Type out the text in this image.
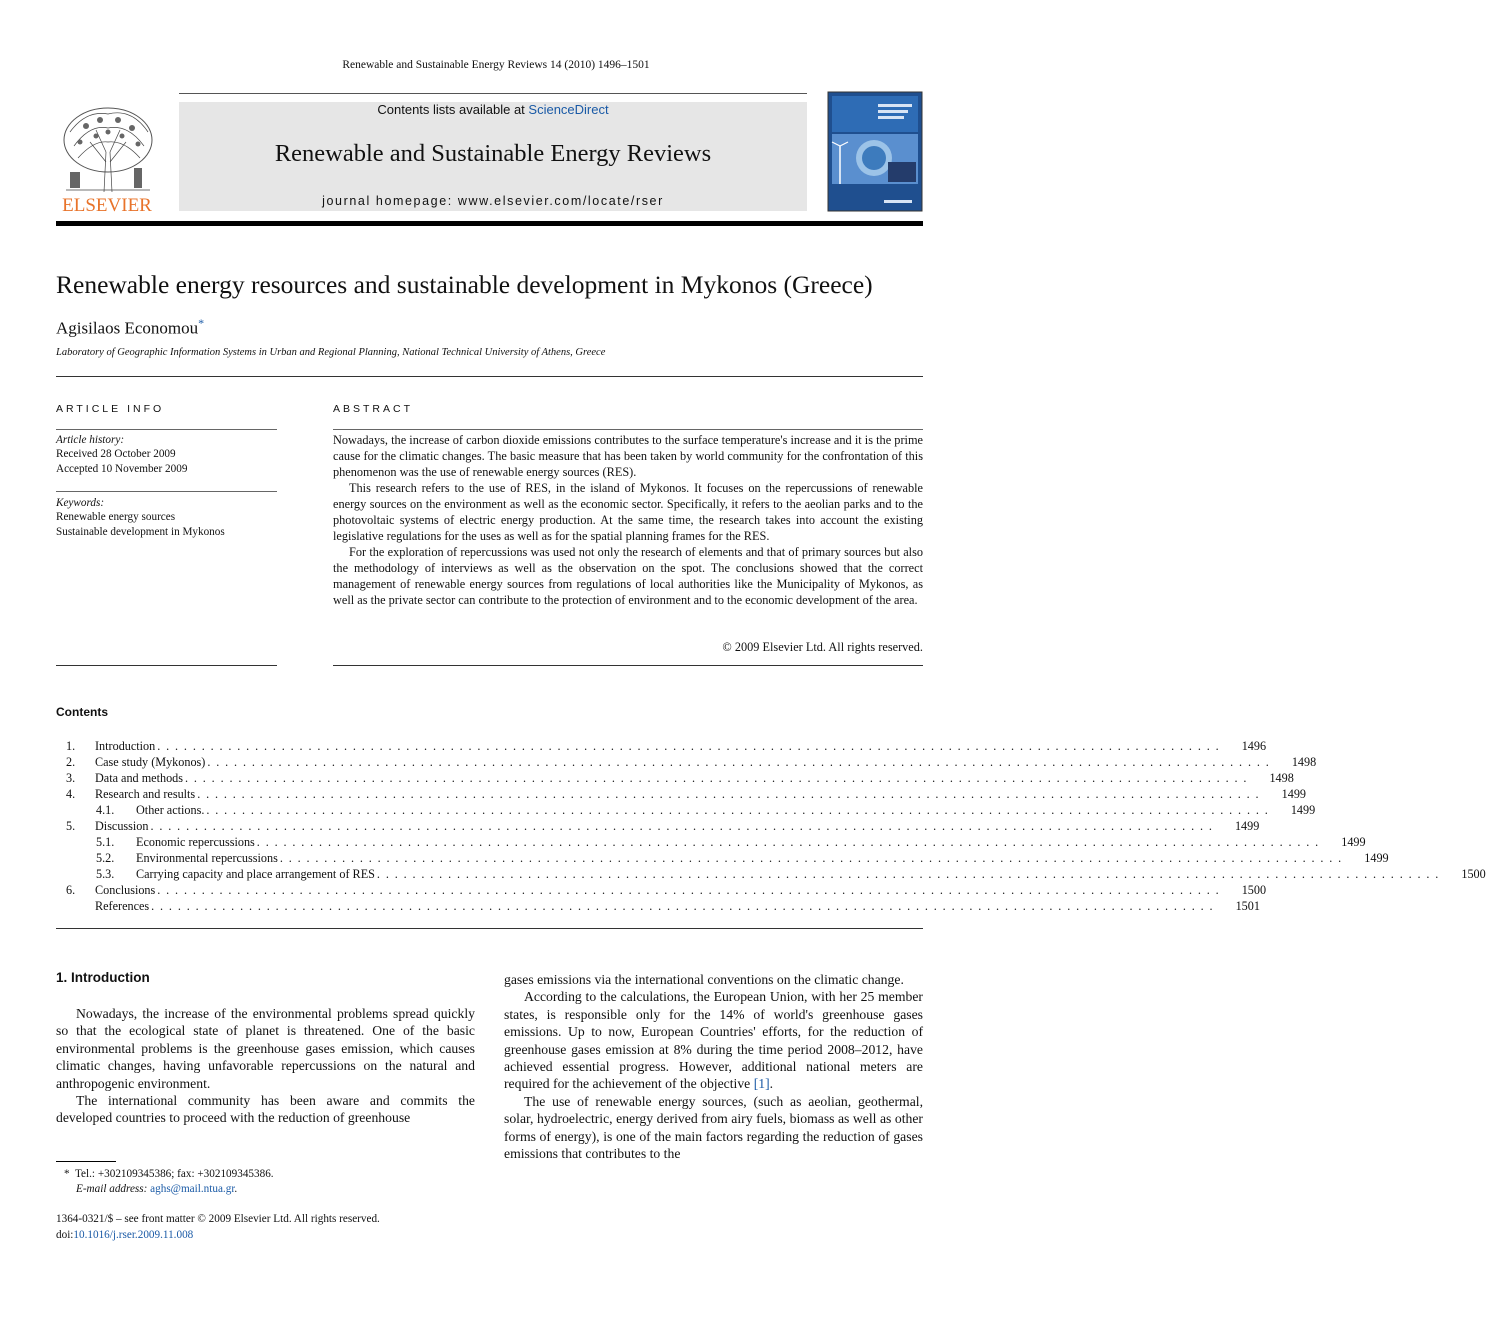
Renewable and Sustainable Energy Reviews 14 (2010) 1496–1501
ELSEVIER
Contents lists available at ScienceDirect
Renewable and Sustainable Energy Reviews
journal homepage: www.elsevier.com/locate/rser
Renewable energy resources and sustainable development in Mykonos (Greece)
Agisilaos Economou*
Laboratory of Geographic Information Systems in Urban and Regional Planning, National Technical University of Athens, Greece
ARTICLE INFO
Article history:
Received 28 October 2009
Accepted 10 November 2009
Keywords:
Renewable energy sources
Sustainable development in Mykonos
ABSTRACT

Nowadays, the increase of carbon dioxide emissions contributes to the surface temperature's increase and it is the prime cause for the climatic changes. The basic measure that has been taken by world community for the confrontation of this phenomenon was the use of renewable energy sources (RES).

This research refers to the use of RES, in the island of Mykonos. It focuses on the repercussions of renewable energy sources on the environment as well as the economic sector. Specifically, it refers to the aeolian parks and to the photovoltaic systems of electric energy production. At the same time, the research takes into account the existing legislative regulations for the uses as well as for the spatial planning frames for the RES.

For the exploration of repercussions was used not only the research of elements and that of primary sources but also the methodology of interviews as well as the observation on the spot. The conclusions showed that the correct management of renewable energy sources from regulations of local authorities like the Municipality of Mykonos, as well as the private sector can contribute to the protection of environment and to the economic development of the area.

© 2009 Elsevier Ltd. All rights reserved.
Contents
1.	Introduction . . . . . . . . . . . . . . . . . . . . . . . . . . . . . . . . . . . . . . . . . . . . . . . . . . . . . . . . . . . . . . . . . . . . . . . . . . . . . . . . . . . . . . . . . . . . . . . . . . . . . . . . . . . . . . . . . . . . . . . .	1496
2.	Case study (Mykonos) . . . . . . . . . . . . . . . . . . . . . . . . . . . . . . . . . . . . . . . . . . . . . . . . . . . . . . . . . . . . . . . . . . . . . . . . . . . . . . . . . . . . . . . . . . . . . . . . . . . . . . . . . . . . . . . . . . . . . . . .	1498
3.	Data and methods . . . . . . . . . . . . . . . . . . . . . . . . . . . . . . . . . . . . . . . . . . . . . . . . . . . . . . . . . . . . . . . . . . . . . . . . . . . . . . . . . . . . . . . . . . . . . . . . . . . . . . . . . . . . . . . . . . . . . . . .	1498
4.	Research and results . . . . . . . . . . . . . . . . . . . . . . . . . . . . . . . . . . . . . . . . . . . . . . . . . . . . . . . . . . . . . . . . . . . . . . . . . . . . . . . . . . . . . . . . . . . . . . . . . . . . . . . . . . . . . . . . . . . . . . . .	1499
4.1.	Other actions. . . . . . . . . . . . . . . . . . . . . . . . . . . . . . . . . . . . . . . . . . . . . . . . . . . . . . . . . . . . . . . . . . . . . . . . . . . . . . . . . . . . . . . . . . . . . . . . . . . . . . . . . . . . . . . . . . . . . . . . .	1499
5.	Discussion . . . . . . . . . . . . . . . . . . . . . . . . . . . . . . . . . . . . . . . . . . . . . . . . . . . . . . . . . . . . . . . . . . . . . . . . . . . . . . . . . . . . . . . . . . . . . . . . . . . . . . . . . . . . . . . . . . . . . . . .	1499
5.1.	Economic repercussions . . . . . . . . . . . . . . . . . . . . . . . . . . . . . . . . . . . . . . . . . . . . . . . . . . . . . . . . . . . . . . . . . . . . . . . . . . . . . . . . . . . . . . . . . . . . . . . . . . . . . . . . . . . . . . . . . . . . . . . .	1499
5.2.	Environmental repercussions . . . . . . . . . . . . . . . . . . . . . . . . . . . . . . . . . . . . . . . . . . . . . . . . . . . . . . . . . . . . . . . . . . . . . . . . . . . . . . . . . . . . . . . . . . . . . . . . . . . . . . . . . . . . . . . . . . . . . . . .	1499
5.3.	Carrying capacity and place arrangement of RES . . . . . . . . . . . . . . . . . . . . . . . . . . . . . . . . . . . . . . . . . . . . . . . . . . . . . . . . . . . . . . . . . . . . . . . . . . . . . . . . . . . . . . . . . . . . . . . . . . . . . . . . . . . . . . . . . . . . . . . .	1500
6.	Conclusions . . . . . . . . . . . . . . . . . . . . . . . . . . . . . . . . . . . . . . . . . . . . . . . . . . . . . . . . . . . . . . . . . . . . . . . . . . . . . . . . . . . . . . . . . . . . . . . . . . . . . . . . . . . . . . . . . . . . . . . .	1500
References . . . . . . . . . . . . . . . . . . . . . . . . . . . . . . . . . . . . . . . . . . . . . . . . . . . . . . . . . . . . . . . . . . . . . . . . . . . . . . . . . . . . . . . . . . . . . . . . . . . . . . . . . . . . . . . . . . . . . . . .	1501
1. Introduction

Nowadays, the increase of the environmental problems spread quickly so that the ecological state of planet is threatened. One of the basic environmental problems is the greenhouse gases emission, which causes climatic changes, having unfavorable repercussions on the natural and anthropogenic environment.

The international community has been aware and commits the developed countries to proceed with the reduction of greenhouse

gases emissions via the international conventions on the climatic change.

According to the calculations, the European Union, with her 25 member states, is responsible only for the 14% of world's greenhouse gases emissions. Up to now, European Countries' efforts, for the reduction of greenhouse gases emission at 8% during the time period 2008–2012, have achieved essential progress. However, additional national meters are required for the achievement of the objective [1].

The use of renewable energy sources, (such as aeolian, geothermal, solar, hydroelectric, energy derived from airy fuels, biomass as well as other forms of energy), is one of the main factors regarding the reduction of gases emissions that contributes to the

* Tel.: +302109345386; fax: +302109345386.
E-mail address: aghs@mail.ntua.gr.
1364-0321/$ – see front matter © 2009 Elsevier Ltd. All rights reserved.
doi:10.1016/j.rser.2009.11.008
